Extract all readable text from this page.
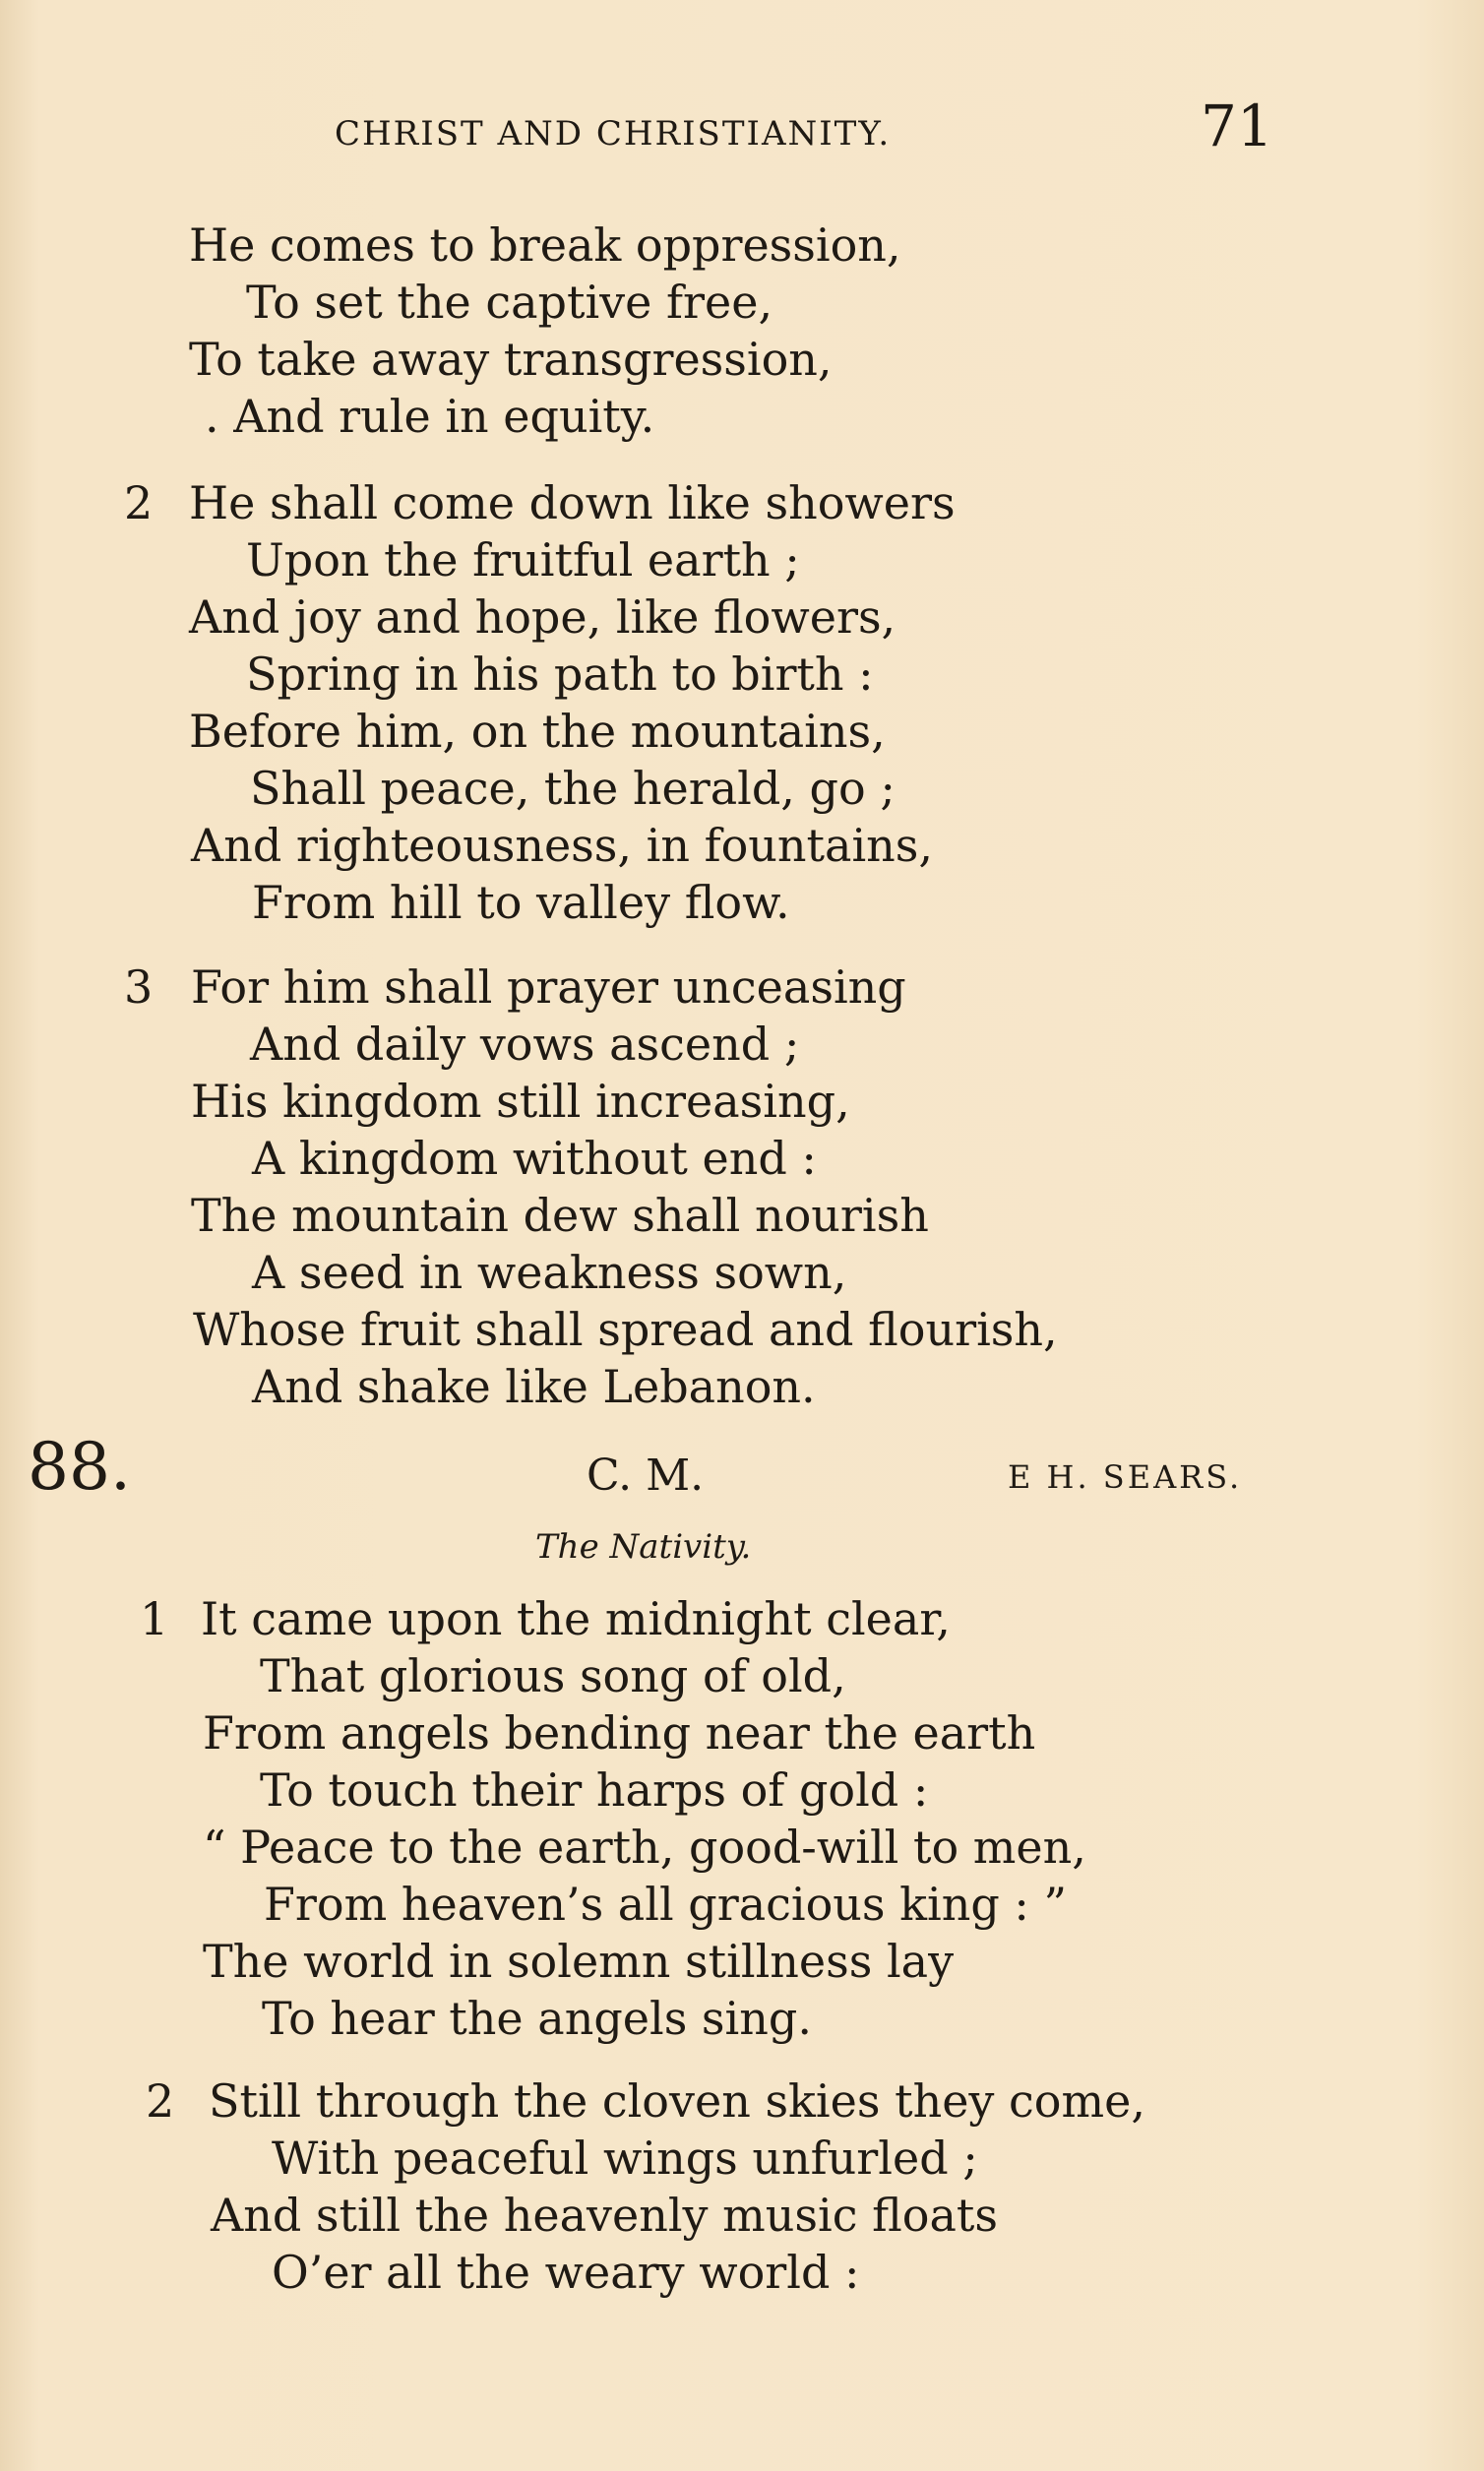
CHRIST AND CHRISTIANITY.	71
He comes to break oppression,
To set the captive free,
To take away transgression,
. And rule in equity.
2 He shall come down like showers
Upon the fruitful earth ;
And joy and hope, like flowers,
Spring in his path to birth :
Before him, on the mountains,
Shall peace, the herald, go ;
And righteousness, in fountains,
From hill to valley flow.
3 For him shall prayer unceasing
And daily vows ascend ;
His kingdom still increasing,
A kingdom without end :
The mountain dew shall nourish
A seed in weakness sown,
Whose fruit shall spread and flourish,
And shake like Lebanon.
88.	C. M.	E H. SEARS.
The Nativity.
1 It came upon the midnight clear,
That glorious song of old,
From angels bending near the earth
To touch their harps of gold :
“ Peace to the earth, good-will to men,
From heaven’s all gracious king : ”
The world in solemn stillness lay
To hear the angels sing.
2 Still through the cloven skies they come,
With peaceful wings unfurled ;
And still the heavenly music floats
O’er all the weary world :
